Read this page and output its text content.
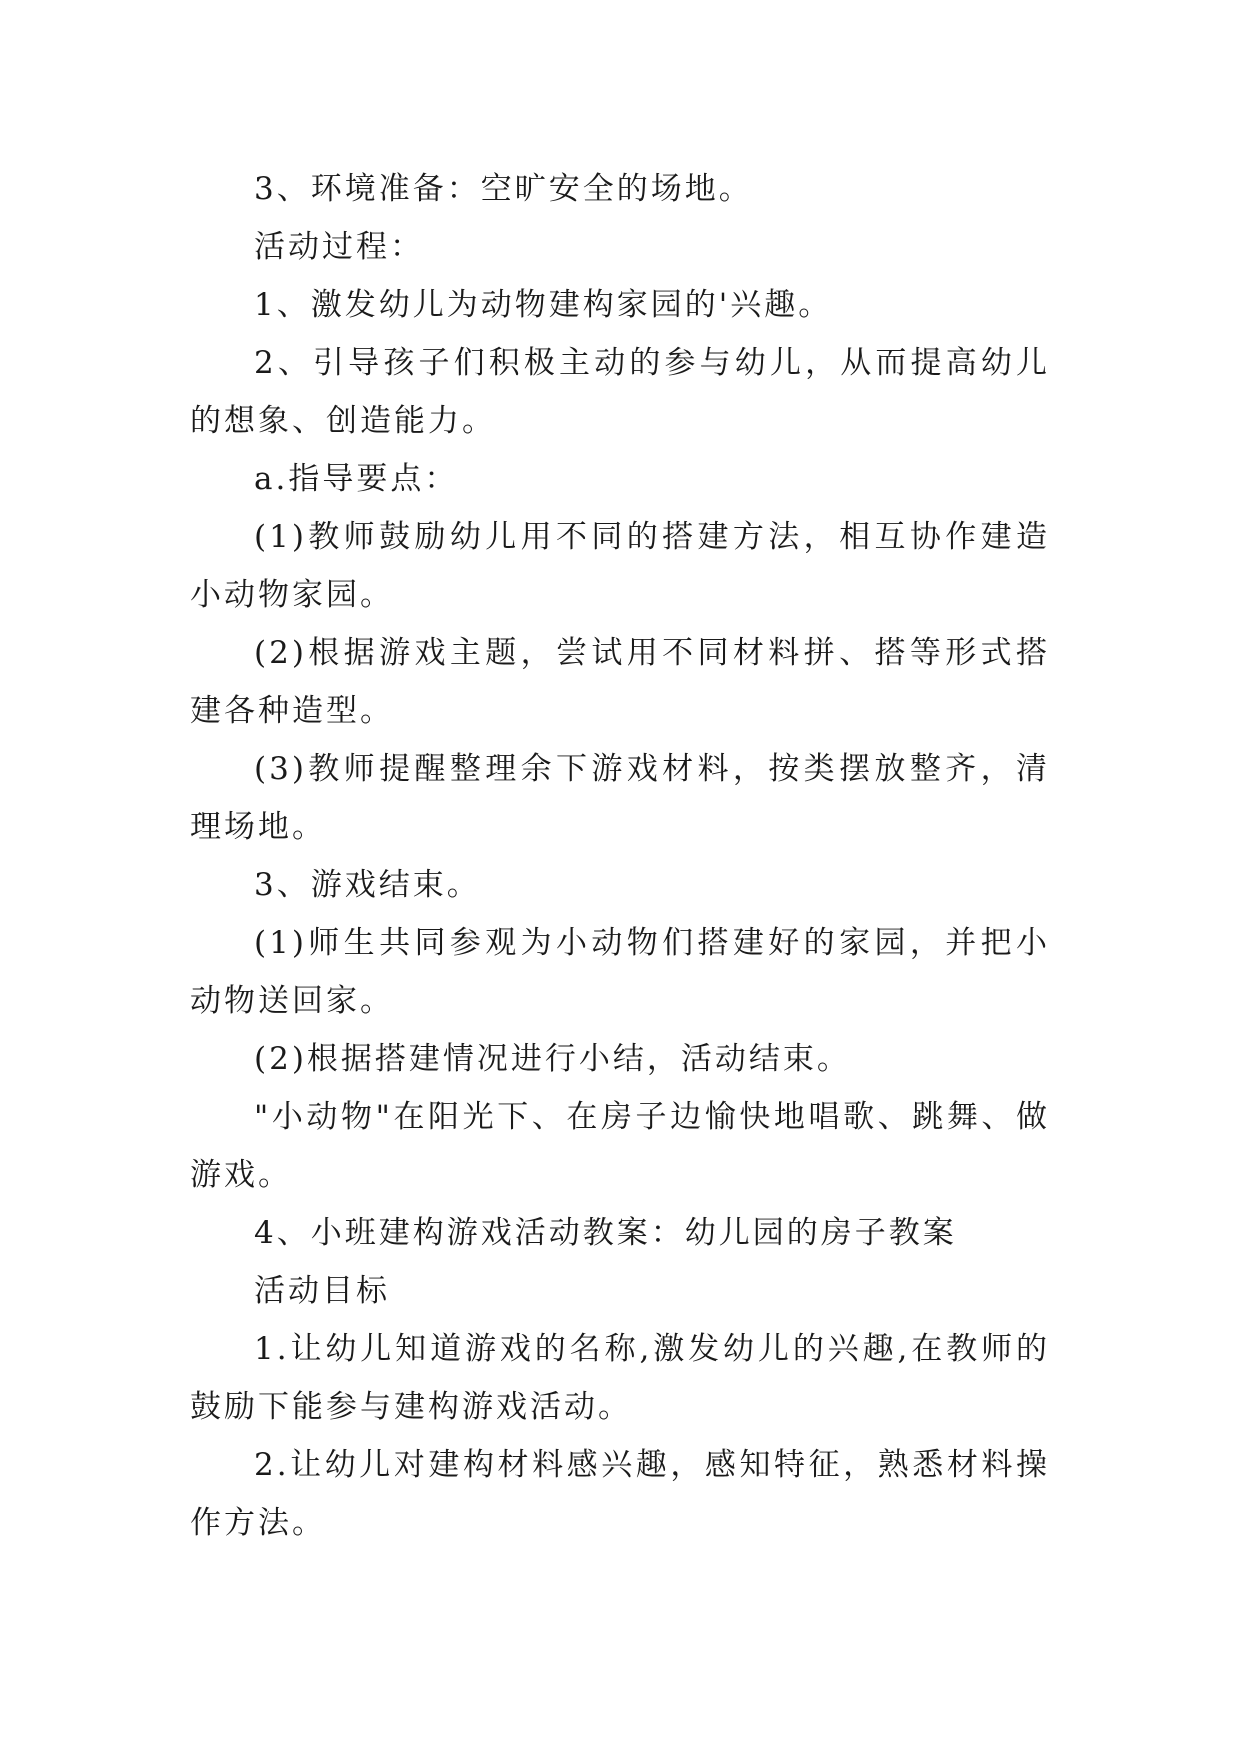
3、环境准备：空旷安全的场地。

活动过程：

1、激发幼儿为动物建构家园的'兴趣。

2、引导孩子们积极主动的参与幼儿，从而提高幼儿的想象、创造能力。

a.指导要点：

(1)教师鼓励幼儿用不同的搭建方法，相互协作建造小动物家园。

(2)根据游戏主题，尝试用不同材料拼、搭等形式搭建各种造型。

(3)教师提醒整理余下游戏材料，按类摆放整齐，清理场地。

3、游戏结束。

(1)师生共同参观为小动物们搭建好的家园，并把小动物送回家。

(2)根据搭建情况进行小结，活动结束。

"小动物"在阳光下、在房子边愉快地唱歌、跳舞、做游戏。

4、小班建构游戏活动教案：幼儿园的房子教案

活动目标

1.让幼儿知道游戏的名称,激发幼儿的兴趣,在教师的鼓励下能参与建构游戏活动。

2.让幼儿对建构材料感兴趣，感知特征，熟悉材料操作方法。
